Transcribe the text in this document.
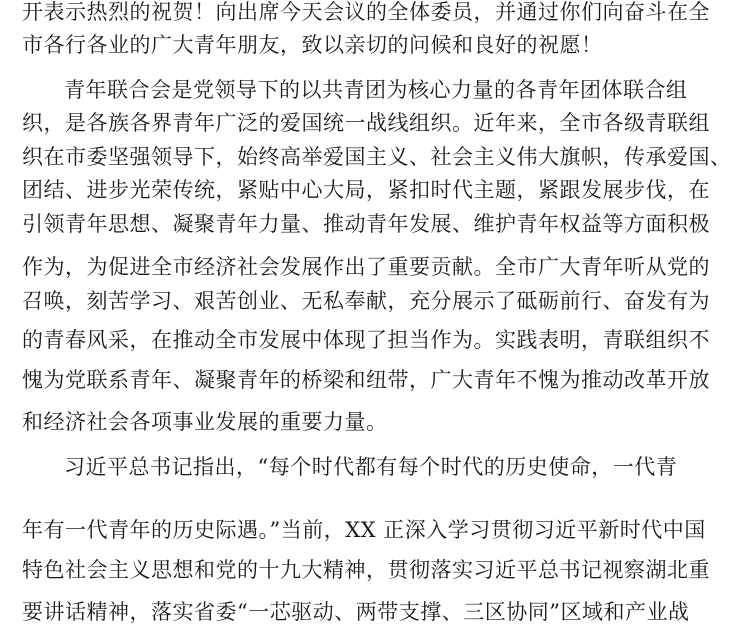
开表示热烈的祝贺！向出席今天会议的全体委员，并通过你们向奋斗在全
市各行各业的广大青年朋友，致以亲切的问候和良好的祝愿！
青年联合会是党领导下的以共青团为核心力量的各青年团体联合组
织，是各族各界青年广泛的爱国统一战线组织。近年来，全市各级青联组
织在市委坚强领导下，始终高举爱国主义、社会主义伟大旗帜，传承爱国、
团结、进步光荣传统，紧贴中心大局，紧扣时代主题，紧跟发展步伐，在
引领青年思想、凝聚青年力量、推动青年发展、维护青年权益等方面积极
作为，为促进全市经济社会发展作出了重要贡献。全市广大青年听从党的
召唤，刻苦学习、艰苦创业、无私奉献，充分展示了砥砺前行、奋发有为
的青春风采，在推动全市发展中体现了担当作为。实践表明，青联组织不
愧为党联系青年、凝聚青年的桥梁和纽带，广大青年不愧为推动改革开放
和经济社会各项事业发展的重要力量。
习近平总书记指出，“每个时代都有每个时代的历史使命，一代青
年有一代青年的历史际遇。”当前，XX 正深入学习贯彻习近平新时代中国
特色社会主义思想和党的十九大精神，贯彻落实习近平总书记视察湖北重
要讲话精神，落实省委“一芯驱动、两带支撑、三区协同”区域和产业战
